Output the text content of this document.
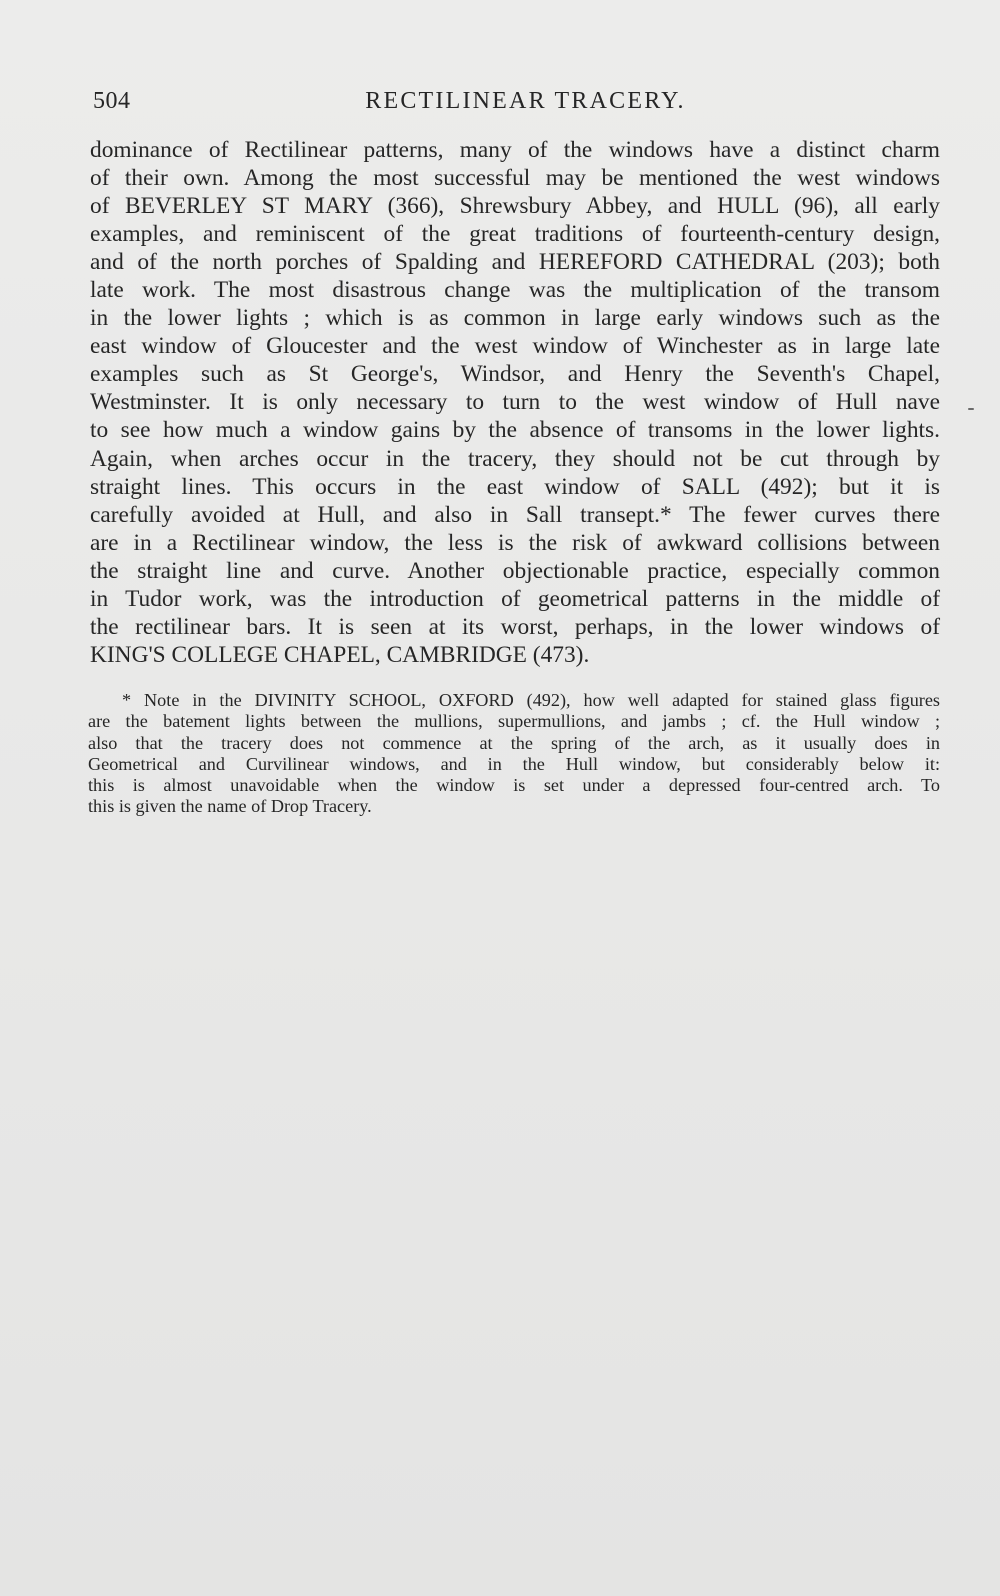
504	RECTILINEAR TRACERY.
dominance of Rectilinear patterns, many of the windows have a distinct charm
of their own. Among the most successful may be mentioned the west windows
of BEVERLEY ST MARY (366), Shrewsbury Abbey, and HULL (96), all early
examples, and reminiscent of the great traditions of fourteenth-century design,
and of the north porches of Spalding and HEREFORD CATHEDRAL (203); both
late work. The most disastrous change was the multiplication of the transom
in the lower lights ; which is as common in large early windows such as the
east window of Gloucester and the west window of Winchester as in large late
examples such as St George's, Windsor, and Henry the Seventh's Chapel,
Westminster. It is only necessary to turn to the west window of Hull nave
to see how much a window gains by the absence of transoms in the lower lights.
Again, when arches occur in the tracery, they should not be cut through by
straight lines. This occurs in the east window of SALL (492); but it is
carefully avoided at Hull, and also in Sall transept.* The fewer curves there
are in a Rectilinear window, the less is the risk of awkward collisions between
the straight line and curve. Another objectionable practice, especially common
in Tudor work, was the introduction of geometrical patterns in the middle of
the rectilinear bars. It is seen at its worst, perhaps, in the lower windows of
KING'S COLLEGE CHAPEL, CAMBRIDGE (473).
* Note in the DIVINITY SCHOOL, OXFORD (492), how well adapted for stained glass figures
are the batement lights between the mullions, supermullions, and jambs ; cf. the Hull window ;
also that the tracery does not commence at the spring of the arch, as it usually does in
Geometrical and Curvilinear windows, and in the Hull window, but considerably below it:
this is almost unavoidable when the window is set under a depressed four-centred arch. To
this is given the name of Drop Tracery.
